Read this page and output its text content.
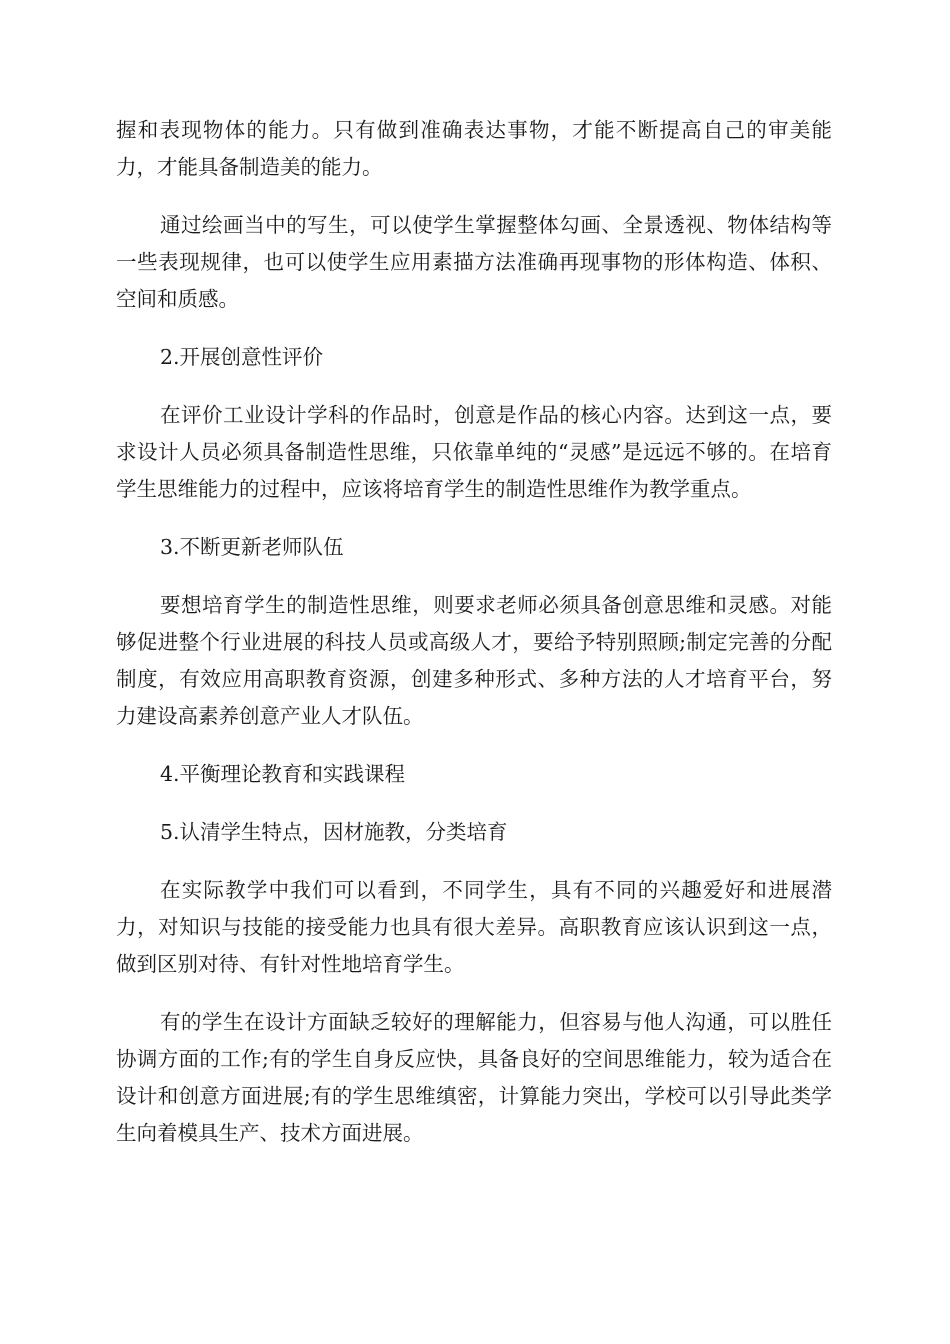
握和表现物体的能力。只有做到准确表达事物，才能不断提高自己的审美能力，才能具备制造美的能力。

通过绘画当中的写生，可以使学生掌握整体勾画、全景透视、物体结构等一些表现规律，也可以使学生应用素描方法准确再现事物的形体构造、体积、空间和质感。

2.开展创意性评价

在评价工业设计学科的作品时，创意是作品的核心内容。达到这一点，要求设计人员必须具备制造性思维，只依靠单纯的“灵感”是远远不够的。在培育学生思维能力的过程中，应该将培育学生的制造性思维作为教学重点。

3.不断更新老师队伍

要想培育学生的制造性思维，则要求老师必须具备创意思维和灵感。对能够促进整个行业进展的科技人员或高级人才，要给予特别照顾;制定完善的分配制度，有效应用高职教育资源，创建多种形式、多种方法的人才培育平台，努力建设高素养创意产业人才队伍。

4.平衡理论教育和实践课程

5.认清学生特点，因材施教，分类培育

在实际教学中我们可以看到，不同学生，具有不同的兴趣爱好和进展潜力，对知识与技能的接受能力也具有很大差异。高职教育应该认识到这一点，做到区别对待、有针对性地培育学生。

有的学生在设计方面缺乏较好的理解能力，但容易与他人沟通，可以胜任协调方面的工作;有的学生自身反应快，具备良好的空间思维能力，较为适合在设计和创意方面进展;有的学生思维缜密，计算能力突出，学校可以引导此类学生向着模具生产、技术方面进展。
